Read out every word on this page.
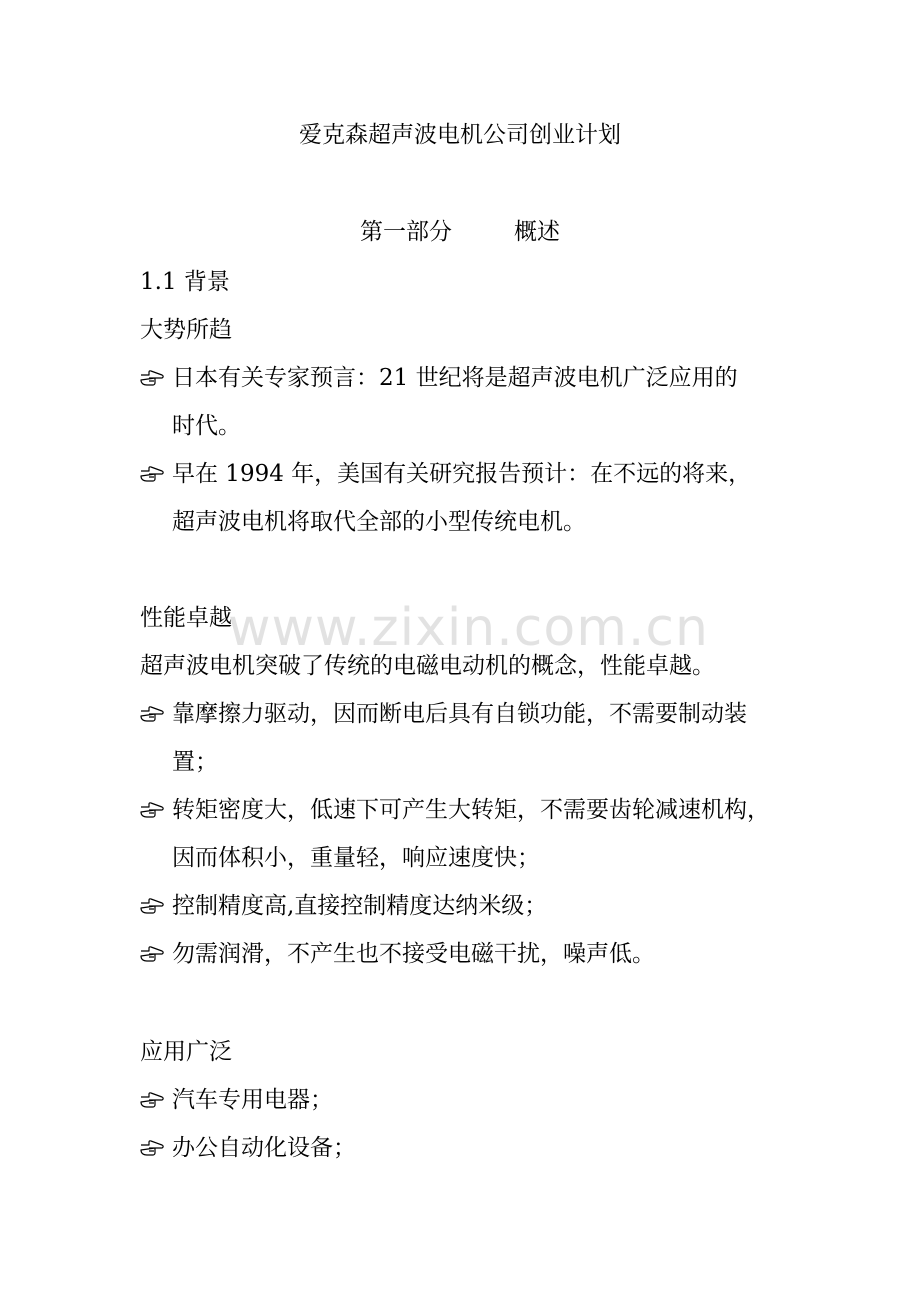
www.zixin.com.cn
爱克森超声波电机公司创业计划
第一部分	概述
1.1 背景
大势所趋
日本有关专家预言：21 世纪将是超声波电机广泛应用的
时代。
早在 1994 年，美国有关研究报告预计：在不远的将来，
超声波电机将取代全部的小型传统电机。
性能卓越
超声波电机突破了传统的电磁电动机的概念，性能卓越。
靠摩擦力驱动，因而断电后具有自锁功能，不需要制动装
置；
转矩密度大，低速下可产生大转矩，不需要齿轮减速机构，
因而体积小，重量轻，响应速度快；
控制精度高,直接控制精度达纳米级；
勿需润滑，不产生也不接受电磁干扰，噪声低。
应用广泛
汽车专用电器；
办公自动化设备；
